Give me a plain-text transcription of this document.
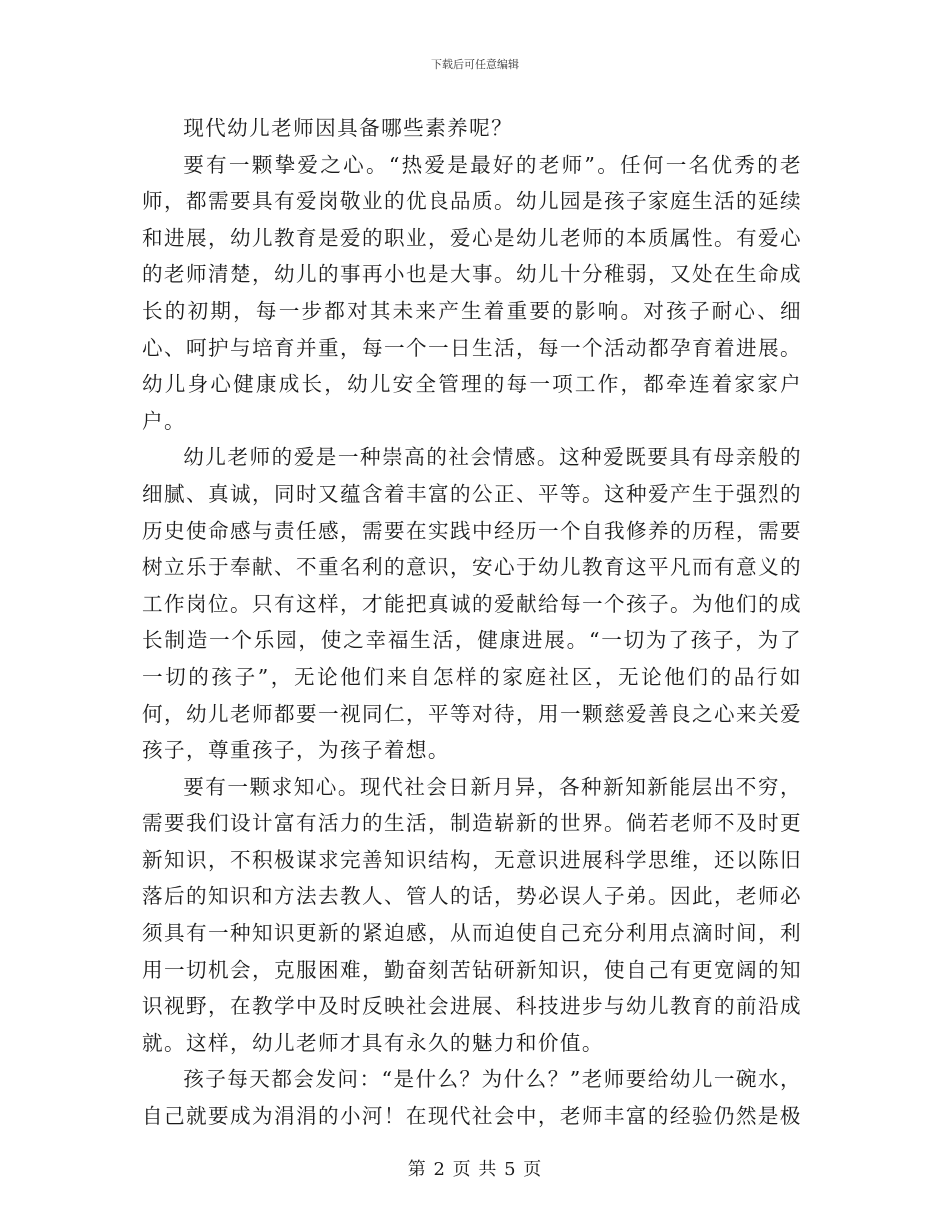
下载后可任意编辑

现代幼儿老师因具备哪些素养呢？

要有一颗挚爱之心。“热爱是最好的老师”。任何一名优秀的老师，都需要具有爱岗敬业的优良品质。幼儿园是孩子家庭生活的延续和进展，幼儿教育是爱的职业，爱心是幼儿老师的本质属性。有爱心的老师清楚，幼儿的事再小也是大事。幼儿十分稚弱，又处在生命成长的初期，每一步都对其未来产生着重要的影响。对孩子耐心、细心、呵护与培育并重，每一个一日生活，每一个活动都孕育着进展。幼儿身心健康成长，幼儿安全管理的每一项工作，都牵连着家家户户。

幼儿老师的爱是一种崇高的社会情感。这种爱既要具有母亲般的细腻、真诚，同时又蕴含着丰富的公正、平等。这种爱产生于强烈的历史使命感与责任感，需要在实践中经历一个自我修养的历程，需要树立乐于奉献、不重名利的意识，安心于幼儿教育这平凡而有意义的工作岗位。只有这样，才能把真诚的爱献给每一个孩子。为他们的成长制造一个乐园，使之幸福生活，健康进展。“一切为了孩子，为了一切的孩子”，无论他们来自怎样的家庭社区，无论他们的品行如何，幼儿老师都要一视同仁，平等对待，用一颗慈爱善良之心来关爱孩子，尊重孩子，为孩子着想。

要有一颗求知心。现代社会日新月异，各种新知新能层出不穷，需要我们设计富有活力的生活，制造崭新的世界。倘若老师不及时更新知识，不积极谋求完善知识结构，无意识进展科学思维，还以陈旧落后的知识和方法去教人、管人的话，势必误人子弟。因此，老师必须具有一种知识更新的紧迫感，从而迫使自己充分利用点滴时间，利用一切机会，克服困难，勤奋刻苦钻研新知识，使自己有更宽阔的知识视野，在教学中及时反映社会进展、科技进步与幼儿教育的前沿成就。这样，幼儿老师才具有永久的魅力和价值。

孩子每天都会发问：“是什么？为什么？”老师要给幼儿一碗水，自己就要成为涓涓的小河！在现代社会中，老师丰富的经验仍然是极

第 2 页 共 5 页
